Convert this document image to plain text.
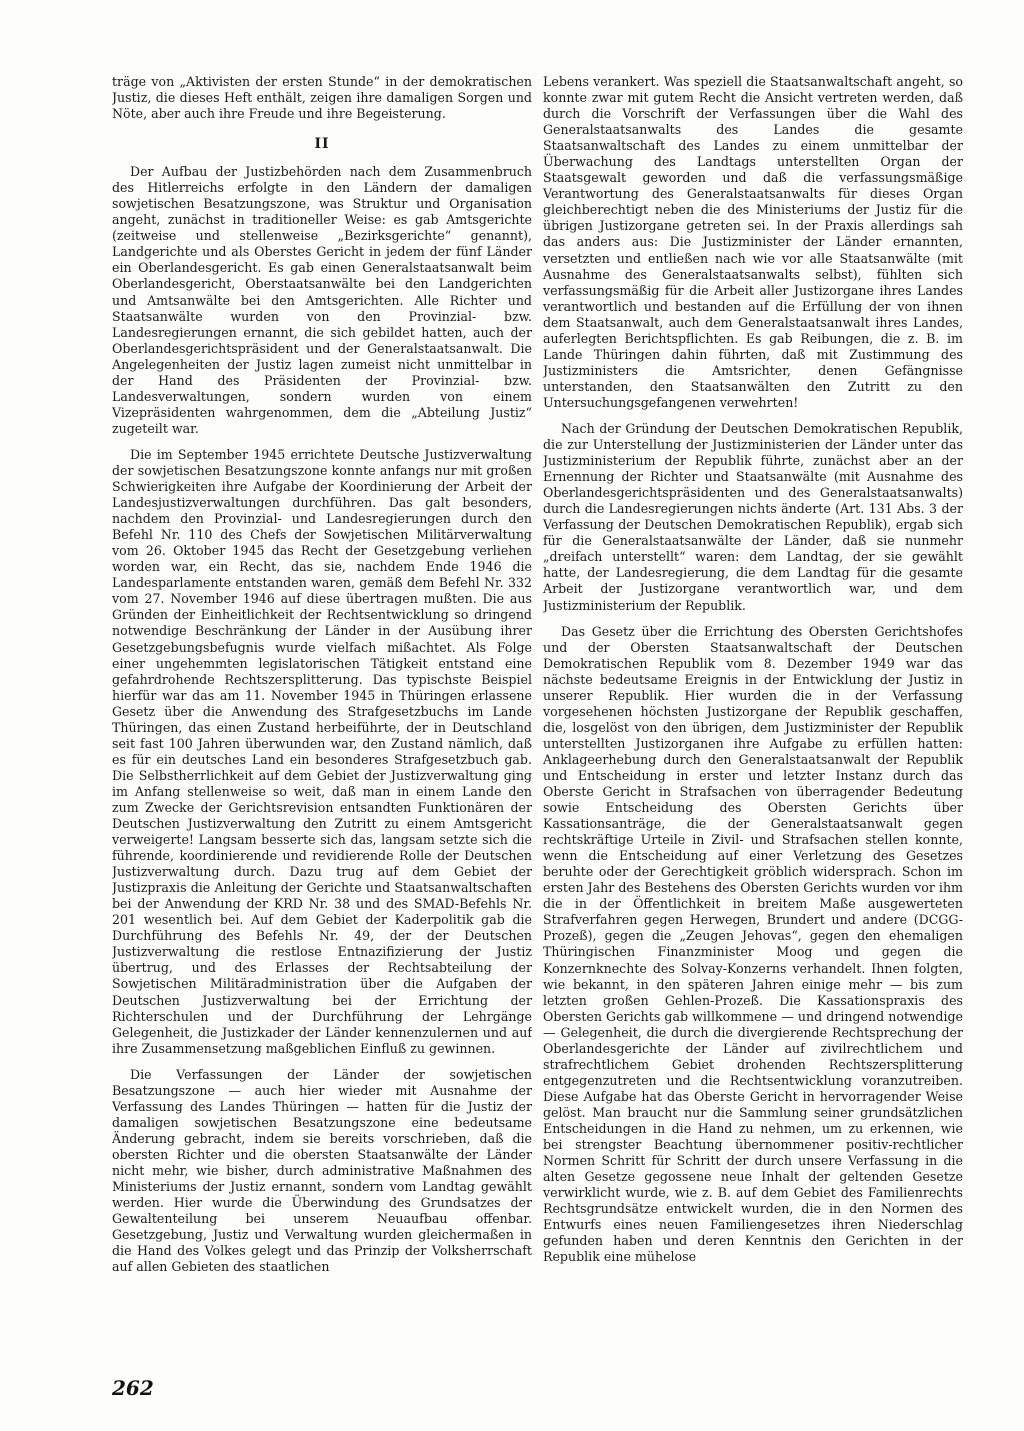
träge von „Aktivisten der ersten Stunde“ in der demokratischen Justiz, die dieses Heft enthält, zeigen ihre damaligen Sorgen und Nöte, aber auch ihre Freude und ihre Begeisterung.

II

Der Aufbau der Justizbehörden nach dem Zusammenbruch des Hitlerreichs erfolgte in den Ländern der damaligen sowjetischen Besatzungszone, was Struktur und Organisation angeht, zunächst in traditioneller Weise: es gab Amtsgerichte (zeitweise und stellenweise „Bezirksgerichte“ genannt), Landgerichte und als Oberstes Gericht in jedem der fünf Länder ein Oberlandesgericht. Es gab einen Generalstaatsanwalt beim Oberlandesgericht, Oberstaatsanwälte bei den Landgerichten und Amtsanwälte bei den Amtsgerichten. Alle Richter und Staatsanwälte wurden von den Provinzial- bzw. Landesregierungen ernannt, die sich gebildet hatten, auch der Oberlandesgerichtspräsident und der Generalstaatsanwalt. Die Angelegenheiten der Justiz lagen zumeist nicht unmittelbar in der Hand des Präsidenten der Provinzial- bzw. Landesverwaltungen, sondern wurden von einem Vizepräsidenten wahrgenommen, dem die „Abteilung Justiz“ zugeteilt war.

Die im September 1945 errichtete Deutsche Justizverwaltung der sowjetischen Besatzungszone konnte anfangs nur mit großen Schwierigkeiten ihre Aufgabe der Koordinierung der Arbeit der Landesjustizverwaltungen durchführen. Das galt besonders, nachdem den Provinzial- und Landesregierungen durch den Befehl Nr. 110 des Chefs der Sowjetischen Militärverwaltung vom 26. Oktober 1945 das Recht der Gesetzgebung verliehen worden war, ein Recht, das sie, nachdem Ende 1946 die Landesparlamente entstanden waren, gemäß dem Befehl Nr. 332 vom 27. November 1946 auf diese übertragen mußten. Die aus Gründen der Einheitlichkeit der Rechtsentwicklung so dringend notwendige Beschränkung der Länder in der Ausübung ihrer Gesetzgebungsbefugnis wurde vielfach mißachtet. Als Folge einer ungehemmten legislatorischen Tätigkeit entstand eine gefahrdrohende Rechtszersplitterung. Das typischste Beispiel hierfür war das am 11. November 1945 in Thüringen erlassene Gesetz über die Anwendung des Strafgesetzbuchs im Lande Thüringen, das einen Zustand herbeiführte, der in Deutschland seit fast 100 Jahren überwunden war, den Zustand nämlich, daß es für ein deutsches Land ein besonderes Strafgesetzbuch gab. Die Selbstherrlichkeit auf dem Gebiet der Justizverwaltung ging im Anfang stellenweise so weit, daß man in einem Lande den zum Zwecke der Gerichtsrevision entsandten Funktionären der Deutschen Justizverwaltung den Zutritt zu einem Amtsgericht verweigerte! Langsam besserte sich das, langsam setzte sich die führende, koordinierende und revidierende Rolle der Deutschen Justizverwaltung durch. Dazu trug auf dem Gebiet der Justizpraxis die Anleitung der Gerichte und Staatsanwaltschaften bei der Anwendung der KRD Nr. 38 und des SMAD-Befehls Nr. 201 wesentlich bei. Auf dem Gebiet der Kaderpolitik gab die Durchführung des Befehls Nr. 49, der der Deutschen Justizverwaltung die restlose Entnazifizierung der Justiz übertrug, und des Erlasses der Rechtsabteilung der Sowjetischen Militäradministration über die Aufgaben der Deutschen Justizverwaltung bei der Errichtung der Richterschulen und der Durchführung der Lehrgänge Gelegenheit, die Justizkader der Länder kennenzulernen und auf ihre Zusammensetzung maßgeblichen Einfluß zu gewinnen.

Die Verfassungen der Länder der sowjetischen Besatzungszone — auch hier wieder mit Ausnahme der Verfassung des Landes Thüringen — hatten für die Justiz der damaligen sowjetischen Besatzungszone eine bedeutsame Änderung gebracht, indem sie bereits vorschrieben, daß die obersten Richter und die obersten Staatsanwälte der Länder nicht mehr, wie bisher, durch administrative Maßnahmen des Ministeriums der Justiz ernannt, sondern vom Landtag gewählt werden. Hier wurde die Überwindung des Grundsatzes der Gewaltenteilung bei unserem Neuaufbau offenbar. Gesetzgebung, Justiz und Verwaltung wurden gleichermaßen in die Hand des Volkes gelegt und das Prinzip der Volksherrschaft auf allen Gebieten des staatlichen

Lebens verankert. Was speziell die Staatsanwaltschaft angeht, so konnte zwar mit gutem Recht die Ansicht vertreten werden, daß durch die Vorschrift der Verfassungen über die Wahl des Generalstaatsanwalts des Landes die gesamte Staatsanwaltschaft des Landes zu einem unmittelbar der Überwachung des Landtags unterstellten Organ der Staatsgewalt geworden und daß die verfassungsmäßige Verantwortung des Generalstaatsanwalts für dieses Organ gleichberechtigt neben die des Ministeriums der Justiz für die übrigen Justizorgane getreten sei. In der Praxis allerdings sah das anders aus: Die Justizminister der Länder ernannten, versetzten und entließen nach wie vor alle Staatsanwälte (mit Ausnahme des Generalstaatsanwalts selbst), fühlten sich verfassungsmäßig für die Arbeit aller Justizorgane ihres Landes verantwortlich und bestanden auf die Erfüllung der von ihnen dem Staatsanwalt, auch dem Generalstaatsanwalt ihres Landes, auferlegten Berichtspflichten. Es gab Reibungen, die z. B. im Lande Thüringen dahin führten, daß mit Zustimmung des Justizministers die Amtsrichter, denen Gefängnisse unterstanden, den Staatsanwälten den Zutritt zu den Untersuchungsgefangenen verwehrten!

Nach der Gründung der Deutschen Demokratischen Republik, die zur Unterstellung der Justizministerien der Länder unter das Justizministerium der Republik führte, zunächst aber an der Ernennung der Richter und Staatsanwälte (mit Ausnahme des Oberlandesgerichtspräsidenten und des Generalstaatsanwalts) durch die Landesregierungen nichts änderte (Art. 131 Abs. 3 der Verfassung der Deutschen Demokratischen Republik), ergab sich für die Generalstaatsanwälte der Länder, daß sie nunmehr „dreifach unterstellt“ waren: dem Landtag, der sie gewählt hatte, der Landesregierung, die dem Landtag für die gesamte Arbeit der Justizorgane verantwortlich war, und dem Justizministerium der Republik.

Das Gesetz über die Errichtung des Obersten Gerichtshofes und der Obersten Staatsanwaltschaft der Deutschen Demokratischen Republik vom 8. Dezember 1949 war das nächste bedeutsame Ereignis in der Entwicklung der Justiz in unserer Republik. Hier wurden die in der Verfassung vorgesehenen höchsten Justizorgane der Republik geschaffen, die, losgelöst von den übrigen, dem Justizminister der Republik unterstellten Justizorganen ihre Aufgabe zu erfüllen hatten: Anklageerhebung durch den Generalstaatsanwalt der Republik und Entscheidung in erster und letzter Instanz durch das Oberste Gericht in Strafsachen von überragender Bedeutung sowie Entscheidung des Obersten Gerichts über Kassationsanträge, die der Generalstaatsanwalt gegen rechtskräftige Urteile in Zivil- und Strafsachen stellen konnte, wenn die Entscheidung auf einer Verletzung des Gesetzes beruhte oder der Gerechtigkeit gröblich widersprach. Schon im ersten Jahr des Bestehens des Obersten Gerichts wurden vor ihm die in der Öffentlichkeit in breitem Maße ausgewerteten Strafverfahren gegen Herwegen, Brundert und andere (DCGG-Prozeß), gegen die „Zeugen Jehovas“, gegen den ehemaligen Thüringischen Finanzminister Moog und gegen die Konzernknechte des Solvay-Konzerns verhandelt. Ihnen folgten, wie bekannt, in den späteren Jahren einige mehr — bis zum letzten großen Gehlen-Prozeß. Die Kassationspraxis des Obersten Gerichts gab willkommene — und dringend notwendige — Gelegenheit, die durch die divergierende Rechtsprechung der Oberlandesgerichte der Länder auf zivilrechtlichem und strafrechtlichem Gebiet drohenden Rechtszersplitterung entgegenzutreten und die Rechtsentwicklung voranzutreiben. Diese Aufgabe hat das Oberste Gericht in hervorragender Weise gelöst. Man braucht nur die Sammlung seiner grundsätzlichen Entscheidungen in die Hand zu nehmen, um zu erkennen, wie bei strengster Beachtung übernommener positiv-rechtlicher Normen Schritt für Schritt der durch unsere Verfassung in die alten Gesetze gegossene neue Inhalt der geltenden Gesetze verwirklicht wurde, wie z. B. auf dem Gebiet des Familienrechts Rechtsgrundsätze entwickelt wurden, die in den Normen des Entwurfs eines neuen Familiengesetzes ihren Niederschlag gefunden haben und deren Kenntnis den Gerichten in der Republik eine mühelose

262
